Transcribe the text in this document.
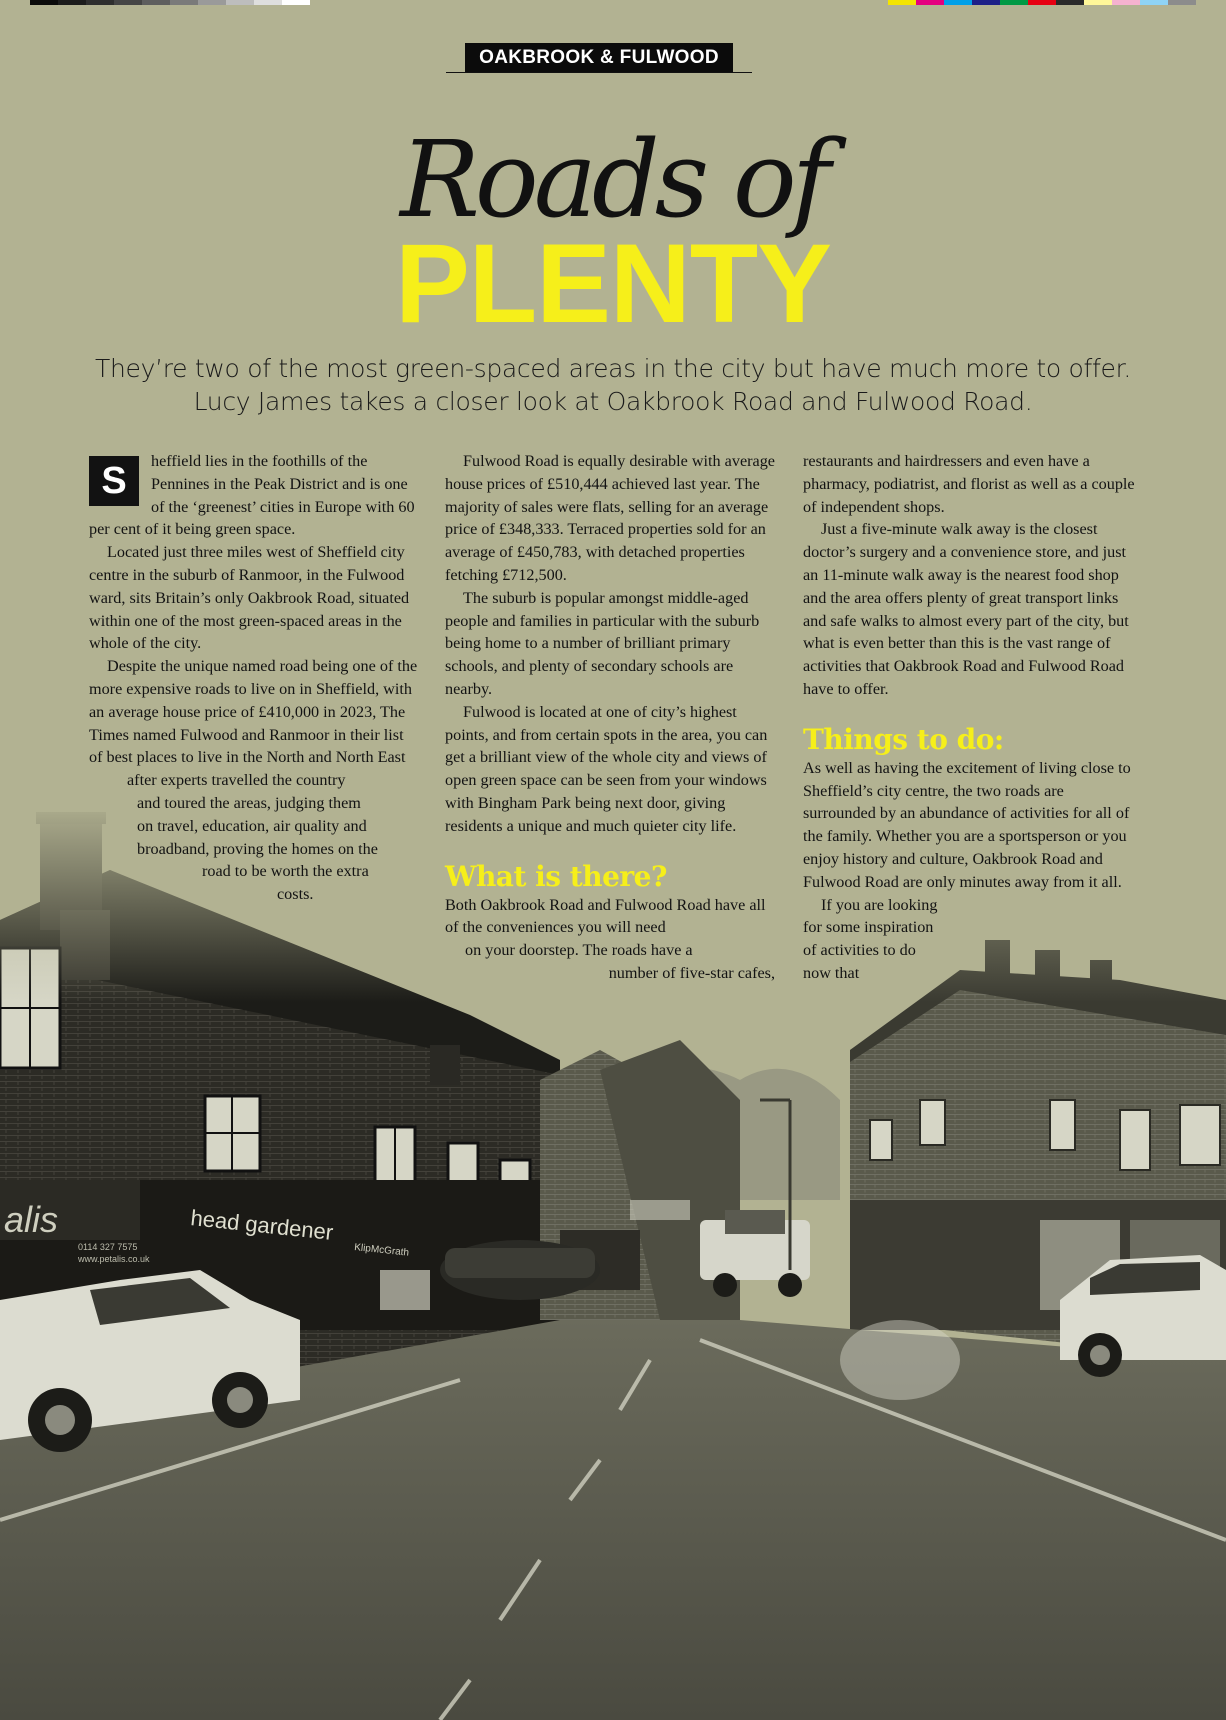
OAKBROOK & FULWOOD
Roads of
PLENTY
They’re two of the most green-spaced areas in the city but have much more to offer.
Lucy James takes a closer look at Oakbrook Road and Fulwood Road.
S	heffield lies in the foothills of the Pennines in the Peak District and is one of the ‘greenest’ cities in Europe with 60 per cent of it being green space.

Located just three miles west of Sheffield city centre in the suburb of Ranmoor, in the Fulwood ward, sits Britain’s only Oakbrook Road, situated within one of the most green-spaced areas in the whole of the city.

Despite the unique named road being one of the more expensive roads to live on in Sheffield, with an average house price of £410,000 in 2023, The Times named Fulwood and Ranmoor in their list of best places to live in the North and North East

after experts travelled the country

and toured the areas, judging them

on travel, education, air quality and

broadband, proving the homes on the

road to be worth the extra

costs.

Fulwood Road is equally desirable with average house prices of £510,444 achieved last year. The majority of sales were flats, selling for an average price of £348,333. Terraced properties sold for an average of £450,783, with detached properties fetching £712,500.

The suburb is popular amongst middle-aged people and families in particular with the suburb being home to a number of brilliant primary schools, and plenty of secondary schools are nearby.

Fulwood is located at one of city’s highest points, and from certain spots in the area, you can get a brilliant view of the whole city and views of open green space can be seen from your windows with Bingham Park being next door, giving residents a unique and much quieter city life.

What is there?

Both Oakbrook Road and Fulwood Road have all of the conveniences you will need

on your doorstep. The roads have a

number of five-star cafes,

restaurants and hairdressers and even have a pharmacy, podiatrist, and florist as well as a couple of independent shops.

Just a five-minute walk away is the closest doctor’s surgery and a convenience store, and just an 11-minute walk away is the nearest food shop and the area offers plenty of great transport links and safe walks to almost every part of the city, but what is even better than this is the vast range of activities that Oakbrook Road and Fulwood Road have to offer.

Things to do:

As well as having the excitement of living close to Sheffield’s city centre, the two roads are surrounded by an abundance of activities for all of the family. Whether you are a sportsperson or you enjoy history and culture, Oakbrook Road and Fulwood Road are only minutes away from it all.

If you are looking

for some inspiration

of activities to do

now that
